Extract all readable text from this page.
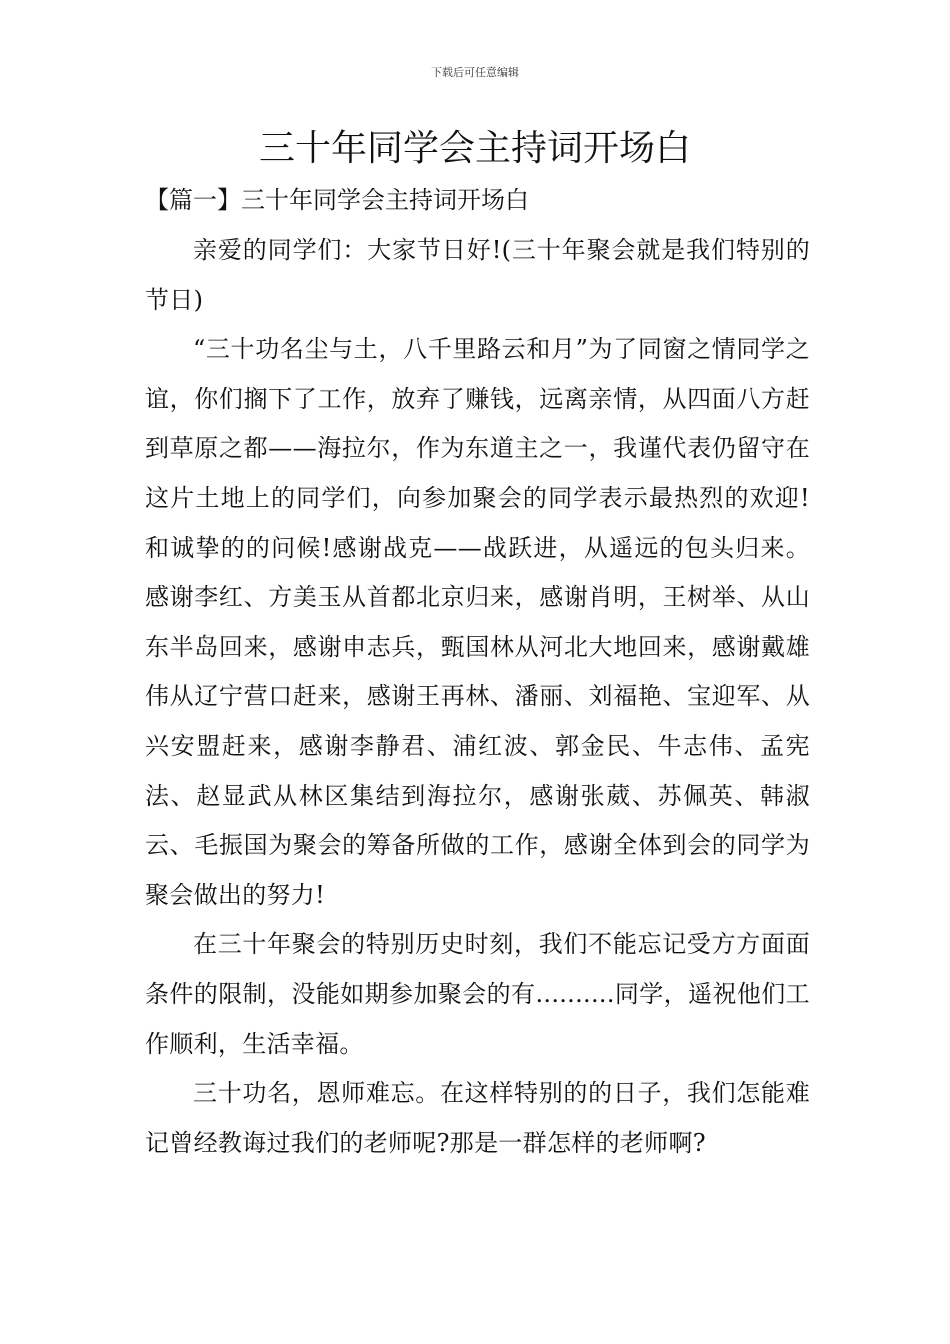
下载后可任意编辑
三十年同学会主持词开场白
【篇一】三十年同学会主持词开场白

亲爱的同学们：大家节日好!(三十年聚会就是我们特别的节日)

“三十功名尘与土，八千里路云和月”为了同窗之情同学之谊，你们搁下了工作，放弃了赚钱，远离亲情，从四面八方赶到草原之都——海拉尔，作为东道主之一，我谨代表仍留守在这片土地上的同学们，向参加聚会的同学表示最热烈的欢迎!和诚挚的的问候!感谢战克——战跃进，从遥远的包头归来。感谢李红、方美玉从首都北京归来，感谢肖明，王树举、从山东半岛回来，感谢申志兵，甄国林从河北大地回来，感谢戴雄伟从辽宁营口赶来，感谢王再林、潘丽、刘福艳、宝迎军、从兴安盟赶来，感谢李静君、浦红波、郭金民、牛志伟、孟宪法、赵显武从林区集结到海拉尔，感谢张葳、苏佩英、韩淑云、毛振国为聚会的筹备所做的工作，感谢全体到会的同学为聚会做出的努力!

在三十年聚会的特别历史时刻，我们不能忘记受方方面面条件的限制，没能如期参加聚会的有..........同学，遥祝他们工作顺利，生活幸福。

三十功名，恩师难忘。在这样特别的的日子，我们怎能难记曾经教诲过我们的老师呢?那是一群怎样的老师啊?
